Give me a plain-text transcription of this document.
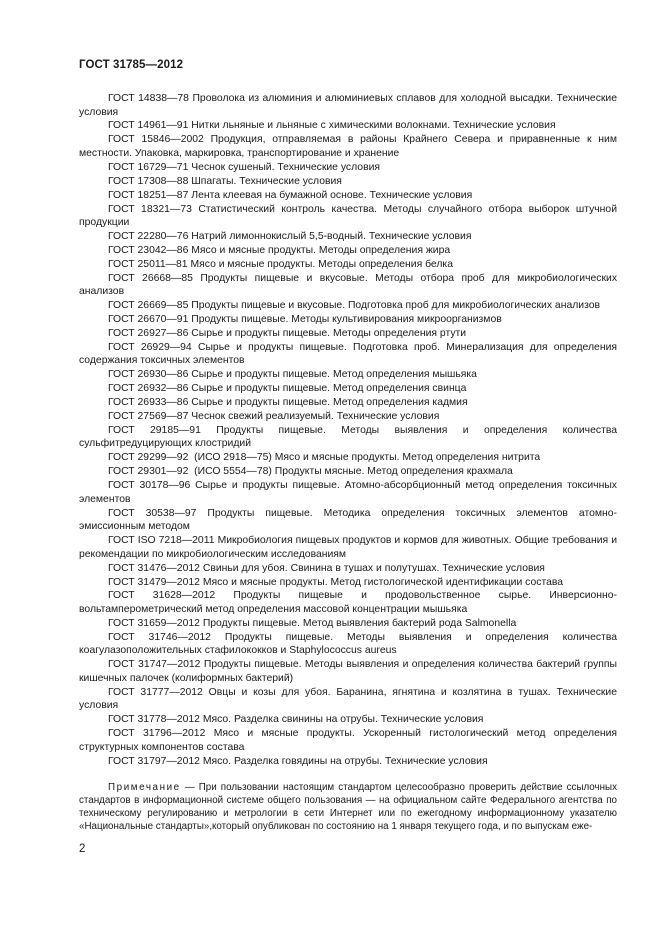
ГОСТ 31785—2012
ГОСТ 14838—78 Проволока из алюминия и алюминиевых сплавов для холодной высадки. Технические условия
ГОСТ 14961—91 Нитки льняные и льняные с химическими волокнами. Технические условия
ГОСТ 15846—2002 Продукция, отправляемая в районы Крайнего Севера и приравненные к ним местности. Упаковка, маркировка, транспортирование и хранение
ГОСТ 16729—71 Чеснок сушеный. Технические условия
ГОСТ 17308—88 Шпагаты. Технические условия
ГОСТ 18251—87 Лента клеевая на бумажной основе. Технические условия
ГОСТ 18321—73 Статистический контроль качества. Методы случайного отбора выборок штучной продукции
ГОСТ 22280—76 Натрий лимоннокислый 5,5-водный. Технические условия
ГОСТ 23042—86 Мясо и мясные продукты. Методы определения жира
ГОСТ 25011—81 Мясо и мясные продукты. Методы определения белка
ГОСТ 26668—85 Продукты пищевые и вкусовые. Методы отбора проб для микробиологических анализов
ГОСТ 26669—85 Продукты пищевые и вкусовые. Подготовка проб для микробиологических анализов
ГОСТ 26670—91 Продукты пищевые. Методы культивирования микроорганизмов
ГОСТ 26927—86 Сырье и продукты пищевые. Методы определения ртути
ГОСТ 26929—94 Сырье и продукты пищевые. Подготовка проб. Минерализация для определения содержания токсичных элементов
ГОСТ 26930—86 Сырье и продукты пищевые. Метод определения мышьяка
ГОСТ 26932—86 Сырье и продукты пищевые. Метод определения свинца
ГОСТ 26933—86 Сырье и продукты пищевые. Метод определения кадмия
ГОСТ 27569—87 Чеснок свежий реализуемый. Технические условия
ГОСТ 29185—91 Продукты пищевые. Методы выявления и определения количества сульфитредуцирующих клостридий
ГОСТ 29299—92  (ИСО 2918—75) Мясо и мясные продукты. Метод определения нитрита
ГОСТ 29301—92  (ИСО 5554—78) Продукты мясные. Метод определения крахмала
ГОСТ 30178—96 Сырье и продукты пищевые. Атомно-абсорбционный метод определения токсичных элементов
ГОСТ 30538—97 Продукты пищевые. Методика определения токсичных элементов атомно-эмиссионным методом
ГОСТ ISO 7218—2011 Микробиология пищевых продуктов и кормов для животных. Общие требования и рекомендации по микробиологическим исследованиям
ГОСТ 31476—2012 Свиньи для убоя. Свинина в тушах и полутушах. Технические условия
ГОСТ 31479—2012 Мясо и мясные продукты. Метод гистологической идентификации состава
ГОСТ 31628—2012 Продукты пищевые и продовольственное сырье. Инверсионно-вольтамперометрический метод определения массовой концентрации мышьяка
ГОСТ 31659—2012 Продукты пищевые. Метод выявления бактерий рода Salmonella
ГОСТ 31746—2012 Продукты пищевые. Методы выявления и определения количества коагулазоположительных стафилококков и Staphylococcus aureus
ГОСТ 31747—2012 Продукты пищевые. Методы выявления и определения количества бактерий группы кишечных палочек (колиформных бактерий)
ГОСТ 31777—2012 Овцы и козы для убоя. Баранина, ягнятина и козлятина в тушах. Технические условия
ГОСТ 31778—2012 Мясо. Разделка свинины на отрубы. Технические условия
ГОСТ 31796—2012 Мясо и мясные продукты. Ускоренный гистологический метод определения структурных компонентов состава
ГОСТ 31797—2012 Мясо. Разделка говядины на отрубы. Технические условия
Примечание — При пользовании настоящим стандартом целесообразно проверить действие ссылочных стандартов в информационной системе общего пользования — на официальном сайте Федерального агентства по техническому регулированию и метрологии в сети Интернет или по ежегодному информационному указателю «Национальные стандарты»,который опубликован по состоянию на 1 января текущего года, и по выпускам еже-
2
